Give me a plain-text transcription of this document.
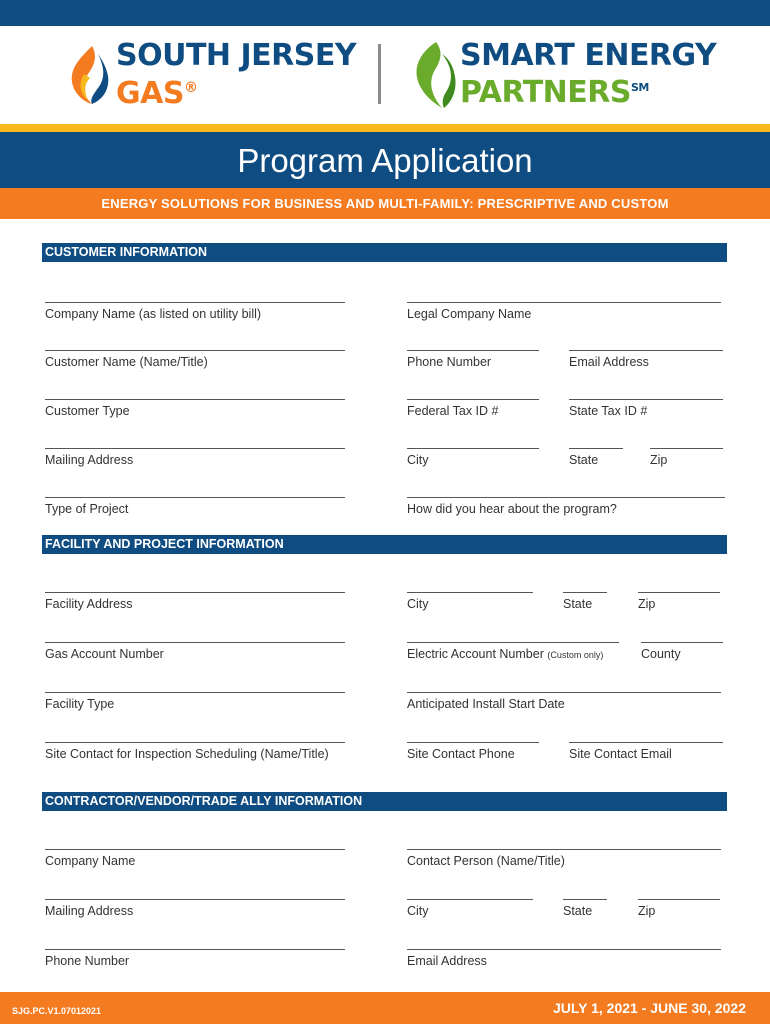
SOUTH JERSEY
GAS®
SMART ENERGY
PARTNERS℠
Program Application
ENERGY SOLUTIONS FOR BUSINESS AND MULTI-FAMILY: PRESCRIPTIVE AND CUSTOM
CUSTOMER INFORMATION
Company Name (as listed on utility bill)	Legal Company Name
Customer Name (Name/Title)	Phone Number	Email Address
Customer Type	Federal Tax ID #	State Tax ID #
Mailing Address	City	State	Zip
Type of Project	How did you hear about the program?
FACILITY AND PROJECT INFORMATION
Facility Address	City	State	Zip
Gas Account Number	Electric Account Number (Custom only)	County
Facility Type	Anticipated Install Start Date
Site Contact for Inspection Scheduling (Name/Title)	Site Contact Phone	Site Contact Email
CONTRACTOR/VENDOR/TRADE ALLY INFORMATION
Company Name	Contact Person (Name/Title)
Mailing Address	City	State	Zip
Phone Number	Email Address
SJG.PC.V1.07012021	JULY 1, 2021 - JUNE 30, 2022
